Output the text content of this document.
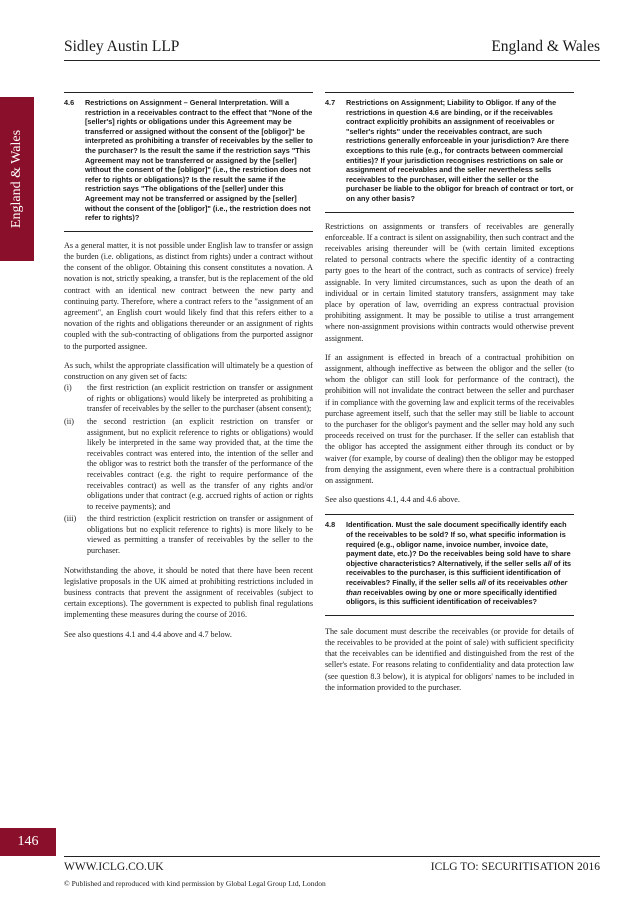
Sidley Austin LLP	England & Wales
England & Wales
4.6	Restrictions on Assignment – General Interpretation. Will a restriction in a receivables contract to the effect that "None of the [seller's] rights or obligations under this Agreement may be transferred or assigned without the consent of the [obligor]" be interpreted as prohibiting a transfer of receivables by the seller to the purchaser? Is the result the same if the restriction says "This Agreement may not be transferred or assigned by the [seller] without the consent of the [obligor]" (i.e., the restriction does not refer to rights or obligations)? Is the result the same if the restriction says "The obligations of the [seller] under this Agreement may not be transferred or assigned by the [seller] without the consent of the [obligor]" (i.e., the restriction does not refer to rights)?

As a general matter, it is not possible under English law to transfer or assign the burden (i.e. obligations, as distinct from rights) under a contract without the consent of the obligor. Obtaining this consent constitutes a novation. A novation is not, strictly speaking, a transfer, but is the replacement of the old contract with an identical new contract between the new party and continuing party. Therefore, where a contract refers to the "assignment of an agreement", an English court would likely find that this refers either to a novation of the rights and obligations thereunder or an assignment of rights coupled with the sub-contracting of obligations from the purported assignor to the purported assignee.

As such, whilst the appropriate classification will ultimately be a question of construction on any given set of facts:

(i)	the first restriction (an explicit restriction on transfer or assignment of rights or obligations) would likely be interpreted as prohibiting a transfer of receivables by the seller to the purchaser (absent consent);
(ii)	the second restriction (an explicit restriction on transfer or assignment, but no explicit reference to rights or obligations) would likely be interpreted in the same way provided that, at the time the receivables contract was entered into, the intention of the seller and the obligor was to restrict both the transfer of the performance of the receivables contract (e.g. the right to require performance of the receivables contract) as well as the transfer of any rights and/or obligations under that contract (e.g. accrued rights of action or rights to receive payments); and
(iii)	the third restriction (explicit restriction on transfer or assignment of obligations but no explicit reference to rights) is more likely to be viewed as permitting a transfer of receivables by the seller to the purchaser.

Notwithstanding the above, it should be noted that there have been recent legislative proposals in the UK aimed at prohibiting restrictions included in business contracts that prevent the assignment of receivables (subject to certain exceptions). The government is expected to publish final regulations implementing these measures during the course of 2016.

See also questions 4.1 and 4.4 above and 4.7 below.

4.7	Restrictions on Assignment; Liability to Obligor. If any of the restrictions in question 4.6 are binding, or if the receivables contract explicitly prohibits an assignment of receivables or "seller's rights" under the receivables contract, are such restrictions generally enforceable in your jurisdiction? Are there exceptions to this rule (e.g., for contracts between commercial entities)? If your jurisdiction recognises restrictions on sale or assignment of receivables and the seller nevertheless sells receivables to the purchaser, will either the seller or the purchaser be liable to the obligor for breach of contract or tort, or on any other basis?

Restrictions on assignments or transfers of receivables are generally enforceable. If a contract is silent on assignability, then such contract and the receivables arising thereunder will be (with certain limited exceptions related to personal contracts where the specific identity of a contracting party goes to the heart of the contract, such as contracts of service) freely assignable. In very limited circumstances, such as upon the death of an individual or in certain limited statutory transfers, assignment may take place by operation of law, overriding an express contractual provision prohibiting assignment. It may be possible to utilise a trust arrangement where non-assignment provisions within contracts would otherwise prevent assignment.

If an assignment is effected in breach of a contractual prohibition on assignment, although ineffective as between the obligor and the seller (to whom the obligor can still look for performance of the contract), the prohibition will not invalidate the contract between the seller and purchaser if in compliance with the governing law and explicit terms of the receivables purchase agreement itself, such that the seller may still be liable to account to the purchaser for the obligor's payment and the seller may hold any such proceeds received on trust for the purchaser. If the seller can establish that the obligor has accepted the assignment either through its conduct or by waiver (for example, by course of dealing) then the obligor may be estopped from denying the assignment, even where there is a contractual prohibition on assignment.

See also questions 4.1, 4.4 and 4.6 above.

4.8	Identification. Must the sale document specifically identify each of the receivables to be sold? If so, what specific information is required (e.g., obligor name, invoice number, invoice date, payment date, etc.)? Do the receivables being sold have to share objective characteristics? Alternatively, if the seller sells all of its receivables to the purchaser, is this sufficient identification of receivables? Finally, if the seller sells all of its receivables other than receivables owing by one or more specifically identified obligors, is this sufficient identification of receivables?

The sale document must describe the receivables (or provide for details of the receivables to be provided at the point of sale) with sufficient specificity that the receivables can be identified and distinguished from the rest of the seller's estate. For reasons relating to confidentiality and data protection law (see question 8.3 below), it is atypical for obligors' names to be included in the information provided to the purchaser.

146
WWW.ICLG.CO.UK	ICLG TO: SECURITISATION 2016
© Published and reproduced with kind permission by Global Legal Group Ltd, London
